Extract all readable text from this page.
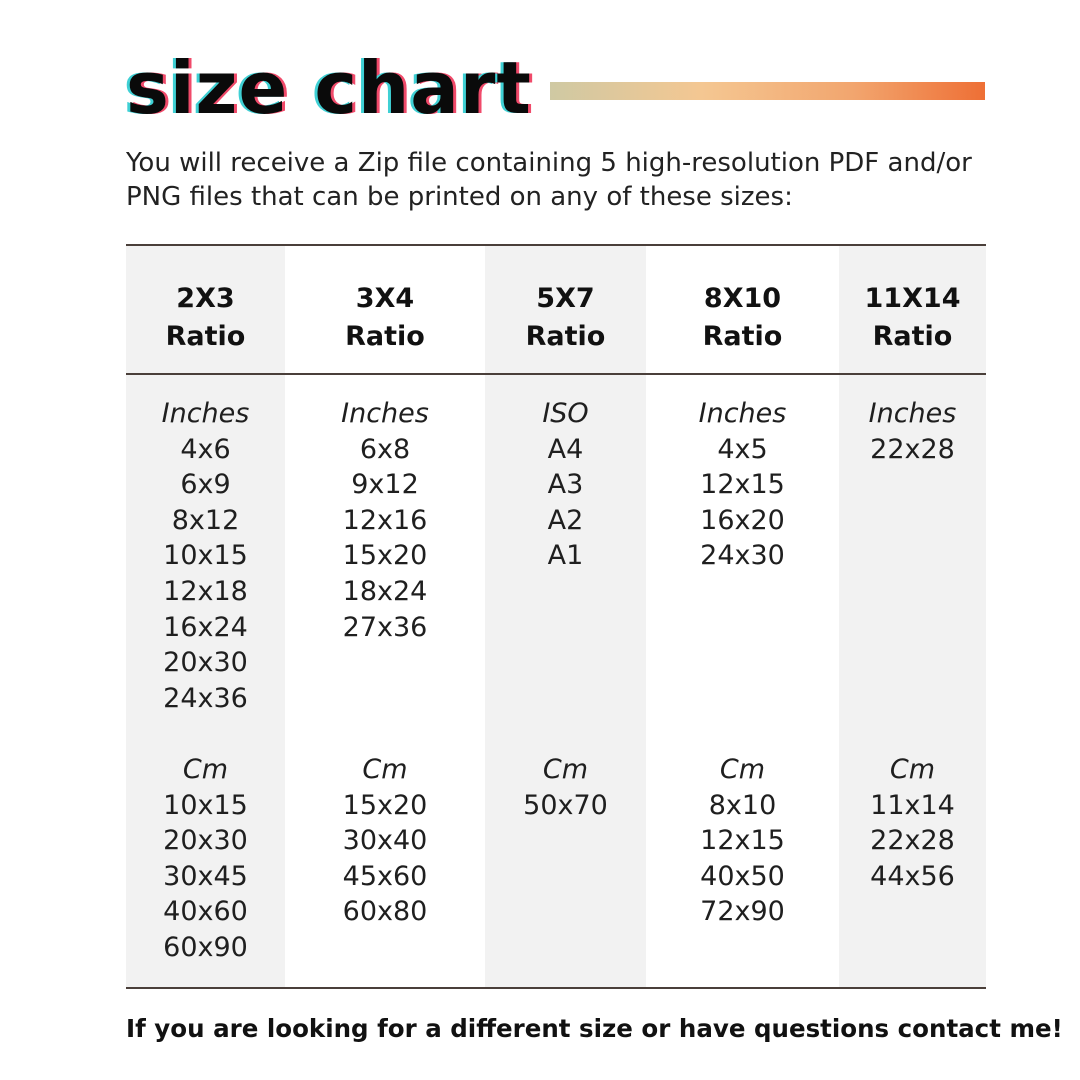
size chart
You will receive a Zip file containing 5 high-resolution PDF and/or PNG files that can be printed on any of these sizes:
2X3
Ratio
Inches
4x6
6x9
8x12
10x15
12x18
16x24
20x30
24x36
Cm
10x15
20x30
30x45
40x60
60x90
3X4
Ratio
Inches
6x8
9x12
12x16
15x20
18x24
27x36
Cm
15x20
30x40
45x60
60x80
5X7
Ratio
ISO
A4
A3
A2
A1
Cm
50x70
8X10
Ratio
Inches
4x5
12x15
16x20
24x30
Cm
8x10
12x15
40x50
72x90
11X14
Ratio
Inches
22x28
Cm
11x14
22x28
44x56
If you are looking for a different size or have questions contact me!
